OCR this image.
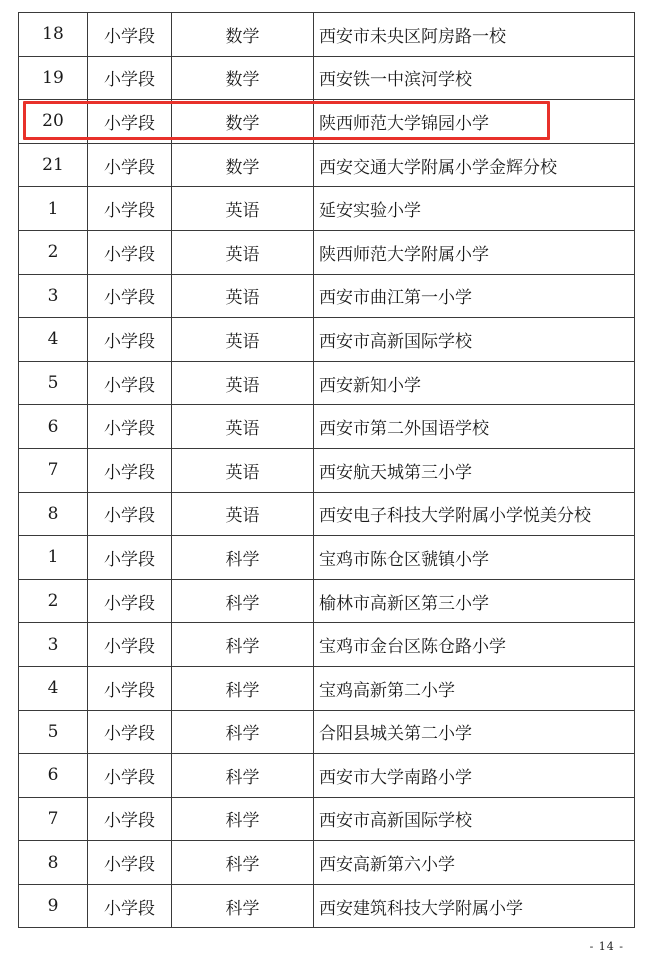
18	小学段	数学	西安市未央区阿房路一校
19	小学段	数学	西安铁一中滨河学校
20	小学段	数学	陕西师范大学锦园小学
21	小学段	数学	西安交通大学附属小学金辉分校
1	小学段	英语	延安实验小学
2	小学段	英语	陕西师范大学附属小学
3	小学段	英语	西安市曲江第一小学
4	小学段	英语	西安市高新国际学校
5	小学段	英语	西安新知小学
6	小学段	英语	西安市第二外国语学校
7	小学段	英语	西安航天城第三小学
8	小学段	英语	西安电子科技大学附属小学悦美分校
1	小学段	科学	宝鸡市陈仓区虢镇小学
2	小学段	科学	榆林市高新区第三小学
3	小学段	科学	宝鸡市金台区陈仓路小学
4	小学段	科学	宝鸡高新第二小学
5	小学段	科学	合阳县城关第二小学
6	小学段	科学	西安市大学南路小学
7	小学段	科学	西安市高新国际学校
8	小学段	科学	西安高新第六小学
9	小学段	科学	西安建筑科技大学附属小学
- 14 -
